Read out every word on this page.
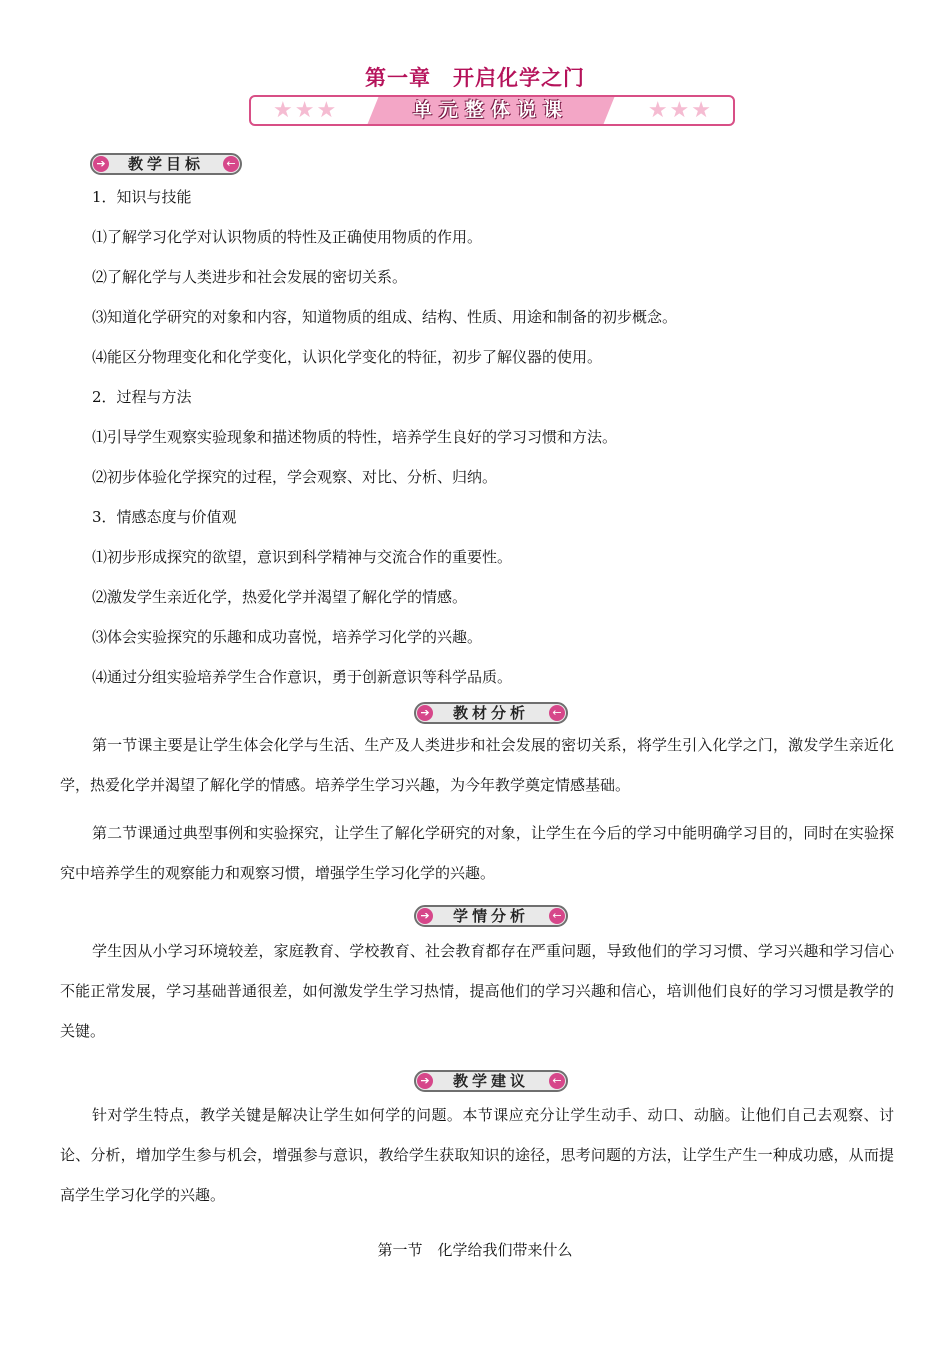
第一章　开启化学之门
★★★	单元整体说课	★★★
➔	教学目标	←
1．知识与技能
⑴了解学习化学对认识物质的特性及正确使用物质的作用。
⑵了解化学与人类进步和社会发展的密切关系。
⑶知道化学研究的对象和内容，知道物质的组成、结构、性质、用途和制备的初步概念。
⑷能区分物理变化和化学变化，认识化学变化的特征，初步了解仪器的使用。
2．过程与方法
⑴引导学生观察实验现象和描述物质的特性，培养学生良好的学习习惯和方法。
⑵初步体验化学探究的过程，学会观察、对比、分析、归纳。
3．情感态度与价值观
⑴初步形成探究的欲望，意识到科学精神与交流合作的重要性。
⑵激发学生亲近化学，热爱化学并渴望了解化学的情感。
⑶体会实验探究的乐趣和成功喜悦，培养学习化学的兴趣。
⑷通过分组实验培养学生合作意识，勇于创新意识等科学品质。
➔	教材分析	←

第一节课主要是让学生体会化学与生活、生产及人类进步和社会发展的密切关系，将学生引入化学之门，激发学生亲近化学，热爱化学并渴望了解化学的情感。培养学生学习兴趣，为今年教学奠定情感基础。

第二节课通过典型事例和实验探究，让学生了解化学研究的对象，让学生在今后的学习中能明确学习目的，同时在实验探究中培养学生的观察能力和观察习惯，增强学生学习化学的兴趣。

➔	学情分析	←

学生因从小学习环境较差，家庭教育、学校教育、社会教育都存在严重问题，导致他们的学习习惯、学习兴趣和学习信心不能正常发展，学习基础普通很差，如何激发学生学习热情，提高他们的学习兴趣和信心，培训他们良好的学习习惯是教学的关键。

➔	教学建议	←

针对学生特点，教学关键是解决让学生如何学的问题。本节课应充分让学生动手、动口、动脑。让他们自己去观察、讨论、分析，增加学生参与机会，增强参与意识，教给学生获取知识的途径，思考问题的方法，让学生产生一种成功感，从而提高学生学习化学的兴趣。

第一节　化学给我们带来什么
